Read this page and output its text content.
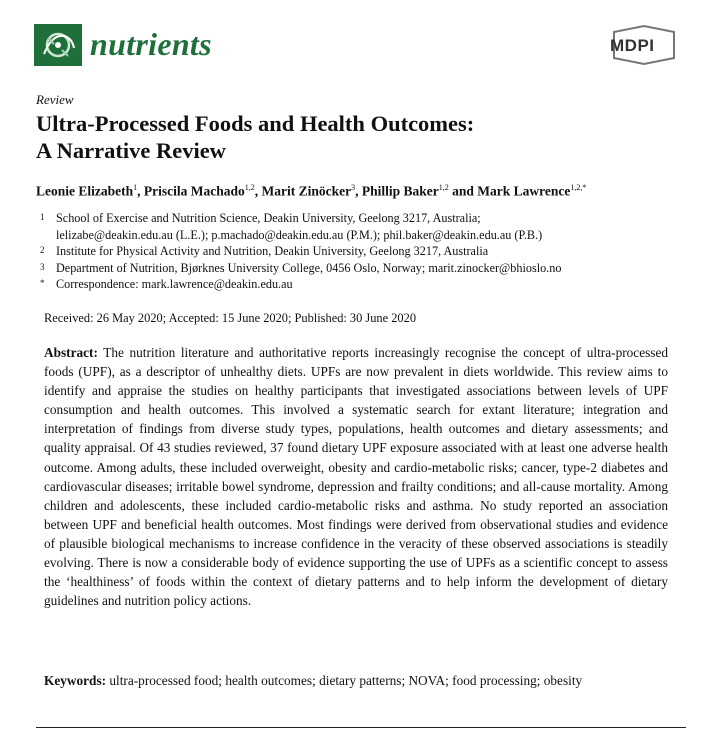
nutrients	MDPI
Review
Ultra-Processed Foods and Health Outcomes:
A Narrative Review
Leonie Elizabeth$^1$, Priscila Machado$^{1,2}$, Marit Zinöcker$^3$, Phillip Baker$^{1,2}$ and Mark Lawrence$^{1,2,*}$
1 School of Exercise and Nutrition Science, Deakin University, Geelong 3217, Australia;
lelizabe@deakin.edu.au (L.E.); p.machado@deakin.edu.au (P.M.); phil.baker@deakin.edu.au (P.B.)
2 Institute for Physical Activity and Nutrition, Deakin University, Geelong 3217, Australia
3 Department of Nutrition, Bjørknes University College, 0456 Oslo, Norway; marit.zinocker@bhioslo.no
* Correspondence: mark.lawrence@deakin.edu.au
Received: 26 May 2020; Accepted: 15 June 2020; Published: 30 June 2020
Abstract: The nutrition literature and authoritative reports increasingly recognise the concept of ultra-processed foods (UPF), as a descriptor of unhealthy diets. UPFs are now prevalent in diets worldwide. This review aims to identify and appraise the studies on healthy participants that investigated associations between levels of UPF consumption and health outcomes. This involved a systematic search for extant literature; integration and interpretation of findings from diverse study types, populations, health outcomes and dietary assessments; and quality appraisal. Of 43 studies reviewed, 37 found dietary UPF exposure associated with at least one adverse health outcome. Among adults, these included overweight, obesity and cardio-metabolic risks; cancer, type-2 diabetes and cardiovascular diseases; irritable bowel syndrome, depression and frailty conditions; and all-cause mortality. Among children and adolescents, these included cardio-metabolic risks and asthma. No study reported an association between UPF and beneficial health outcomes. Most findings were derived from observational studies and evidence of plausible biological mechanisms to increase confidence in the veracity of these observed associations is steadily evolving. There is now a considerable body of evidence supporting the use of UPFs as a scientific concept to assess the ‘healthiness’ of foods within the context of dietary patterns and to help inform the development of dietary guidelines and nutrition policy actions.
Keywords: ultra-processed food; health outcomes; dietary patterns; NOVA; food processing; obesity
